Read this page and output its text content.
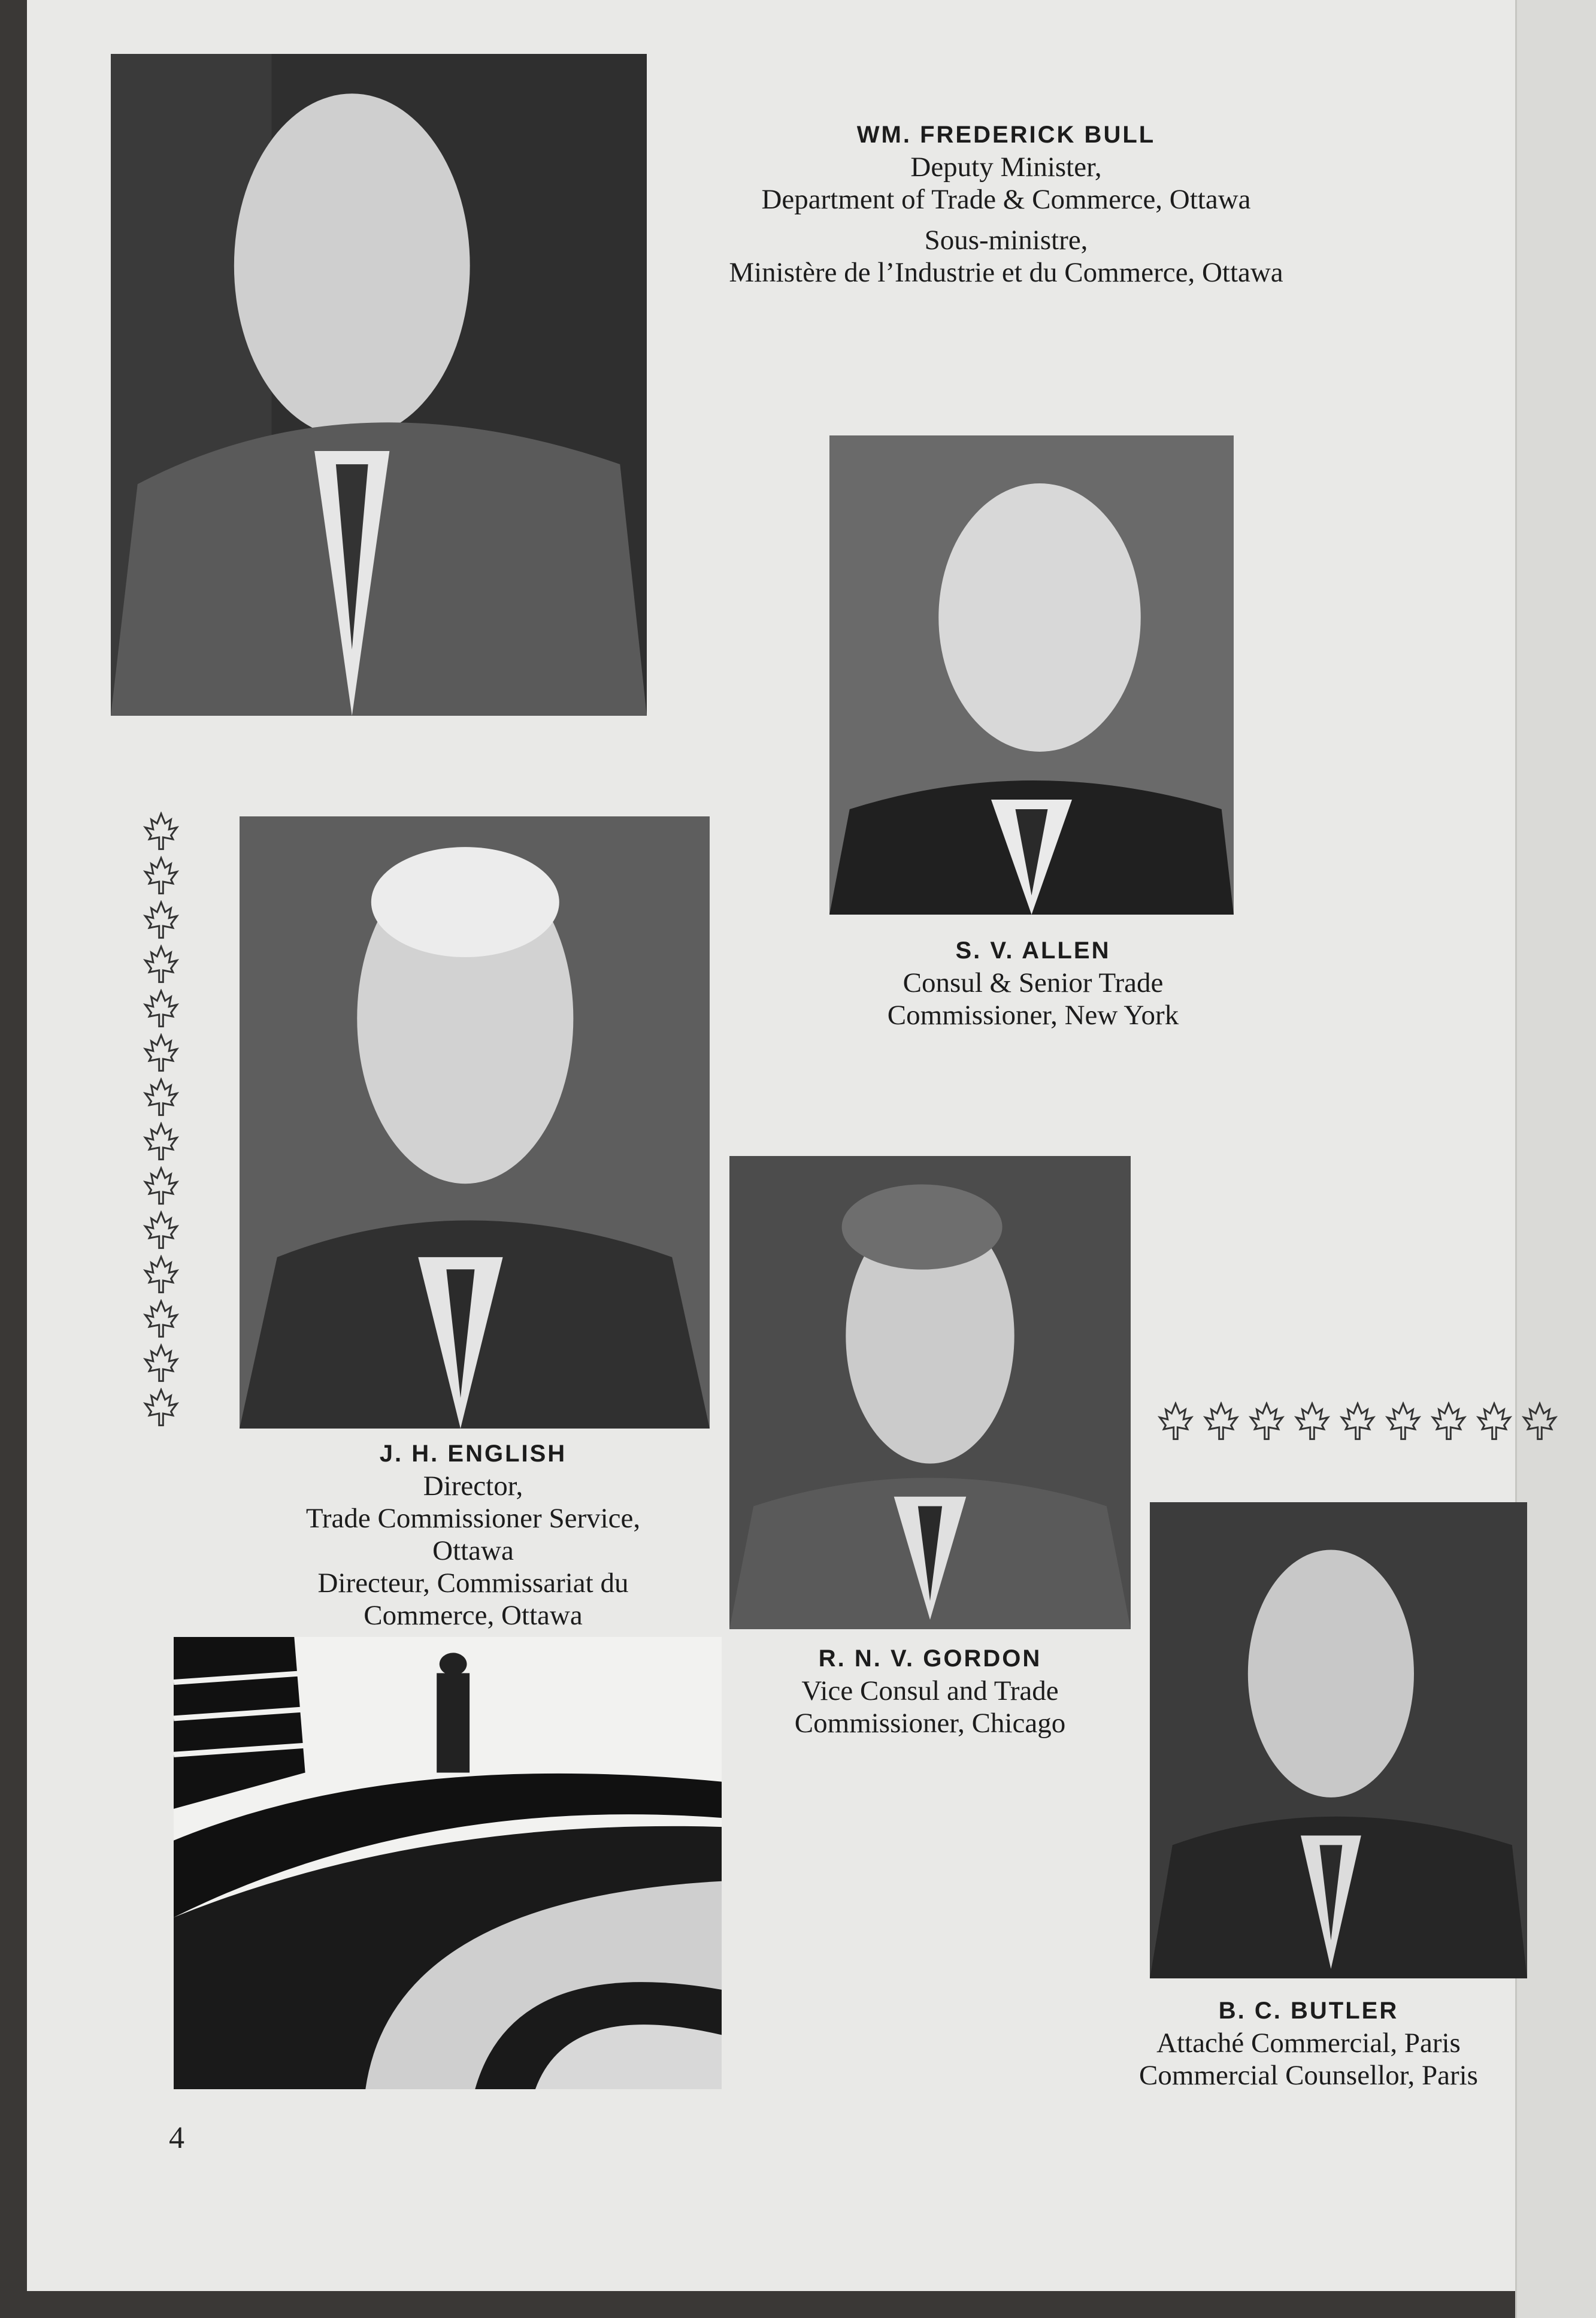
WM. FREDERICK BULL
Deputy Minister,
Department of Trade & Commerce, Ottawa
Sous-ministre,
Ministère de l’Industrie et du Commerce, Ottawa
S. V. ALLEN
Consul & Senior Trade
Commissioner, New York
J. H. ENGLISH
Director,
Trade Commissioner Service,
Ottawa
Directeur, Commissariat du
Commerce, Ottawa
R. N. V. GORDON
Vice Consul and Trade
Commissioner, Chicago
B. C. BUTLER
Attaché Commercial, Paris
Commercial Counsellor, Paris

4
